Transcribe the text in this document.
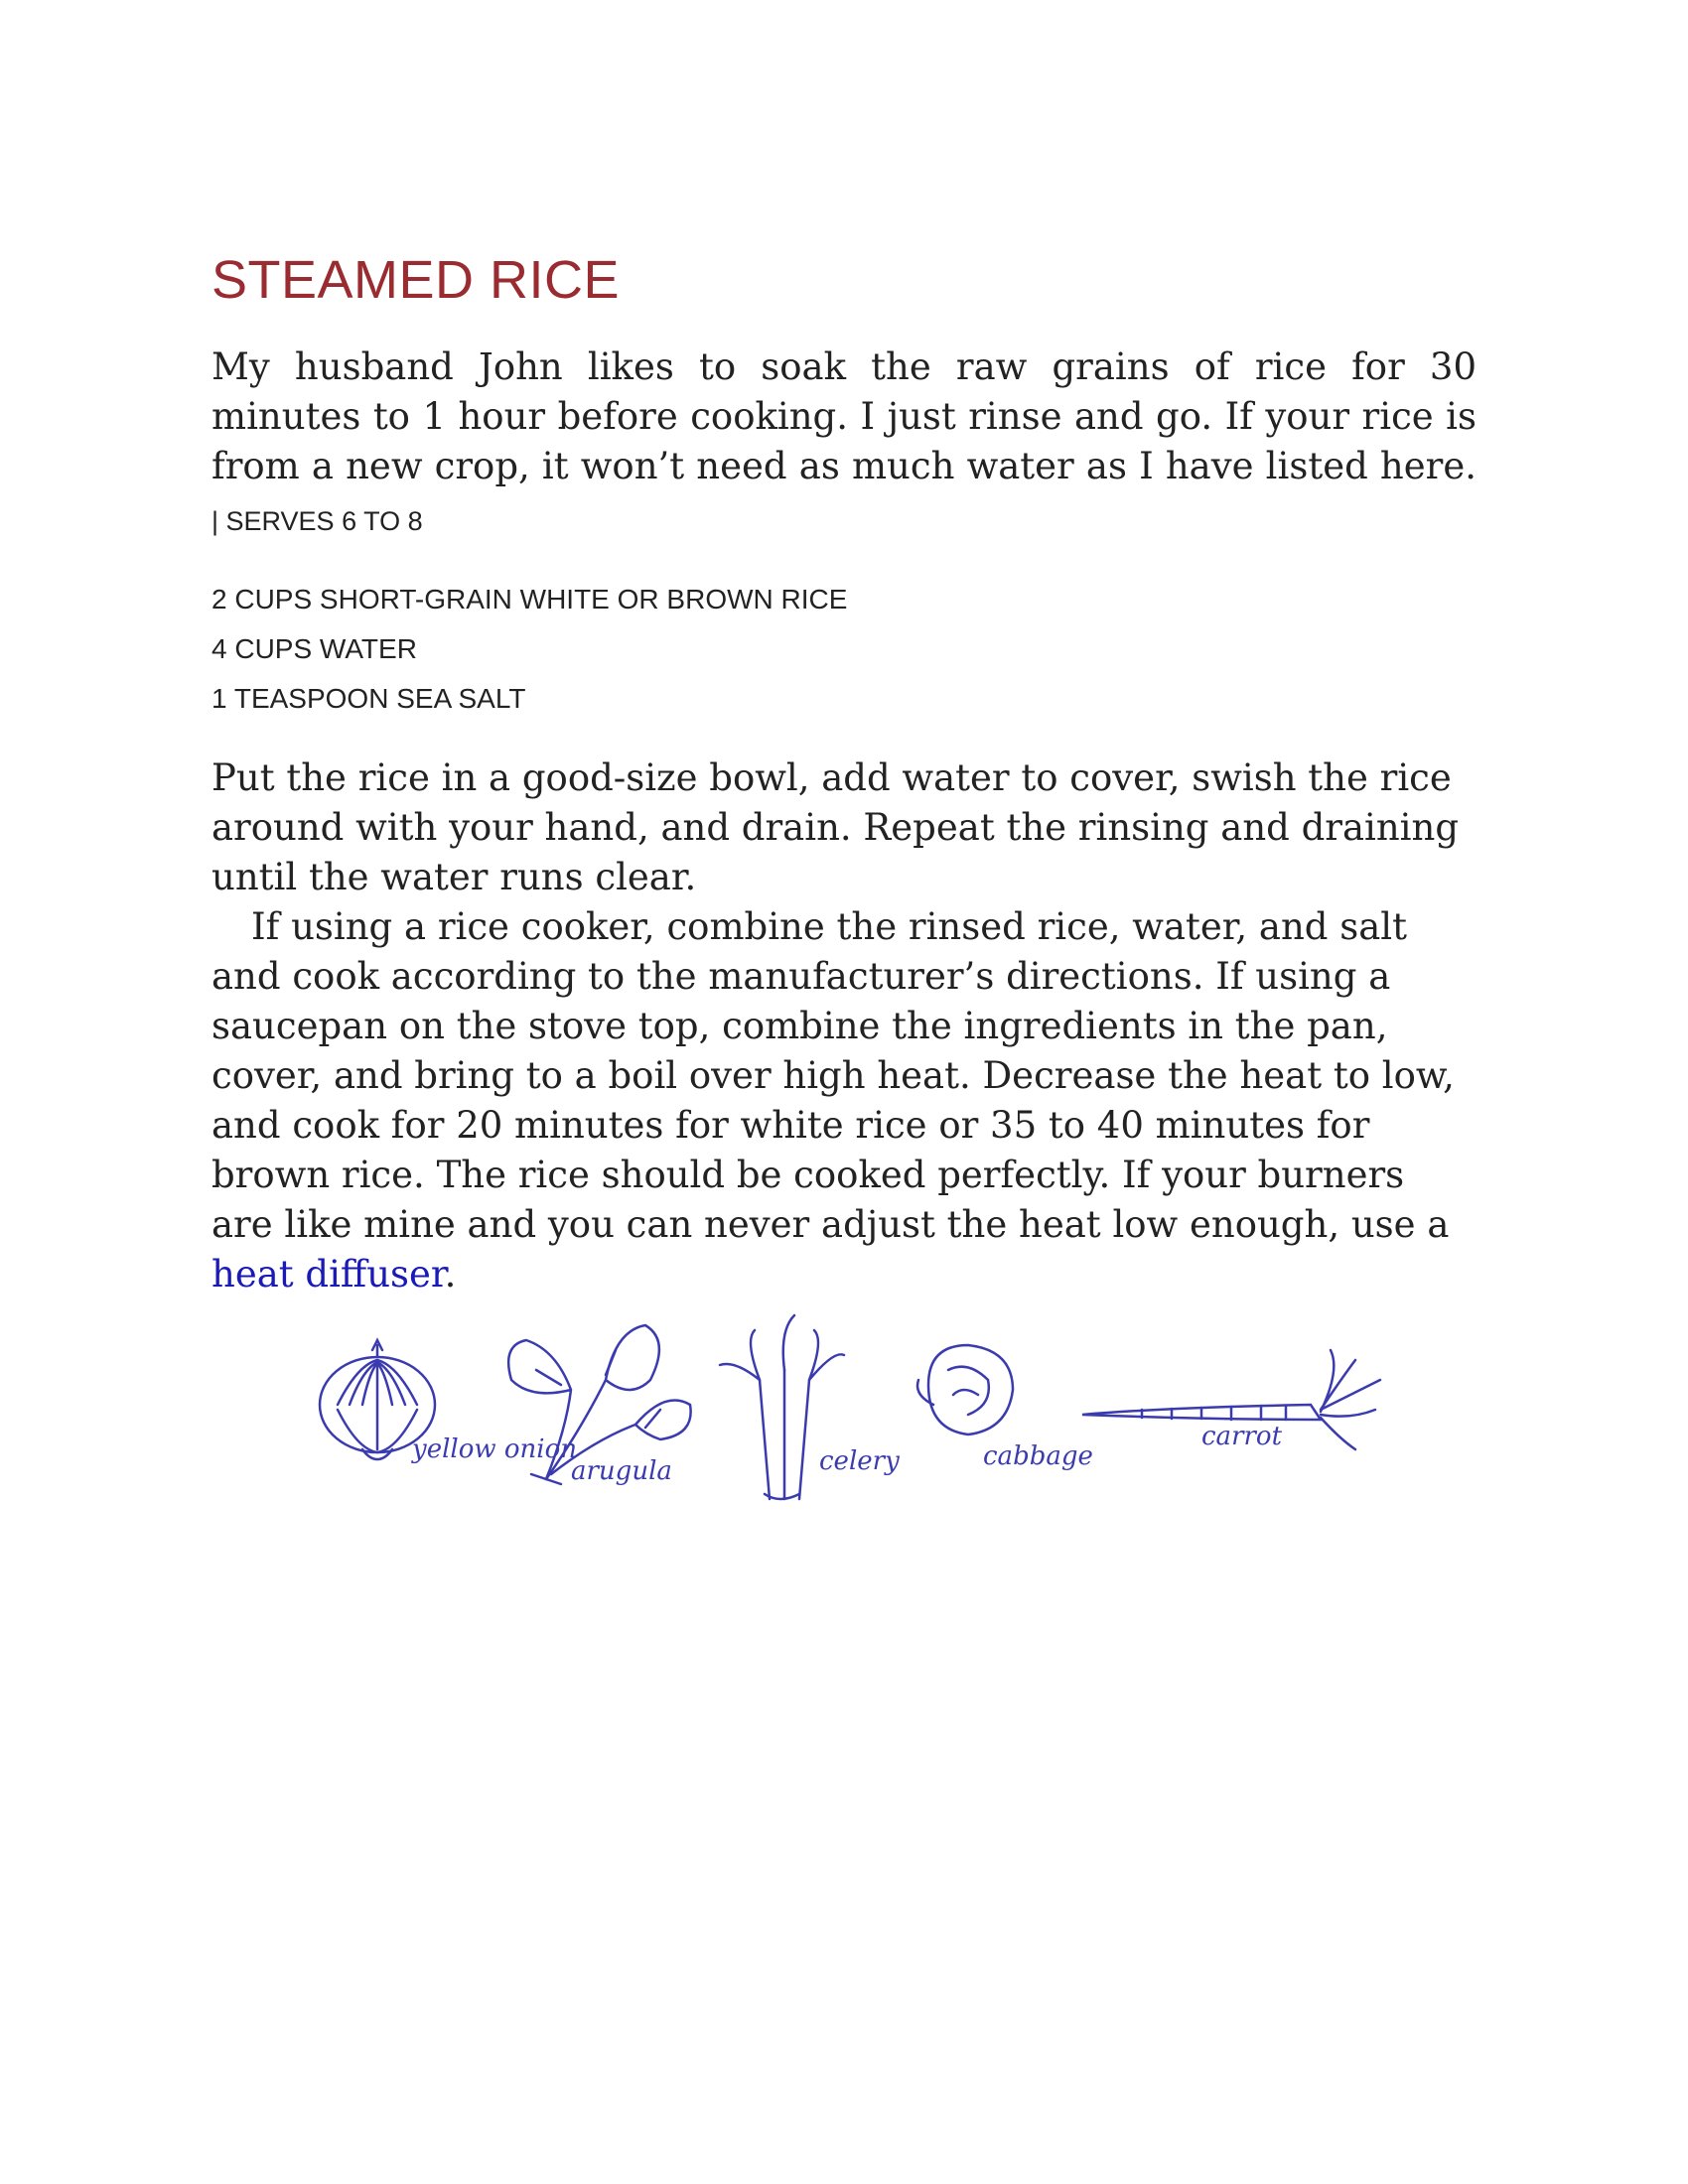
STEAMED RICE

My husband John likes to soak the raw grains of rice for 30 minutes to 1 hour before cooking. I just rinse and go. If your rice is from a new crop, it won’t need as much water as I have listed here. | SERVES 6 TO 8

2 CUPS SHORT-GRAIN WHITE OR BROWN RICE
4 CUPS WATER
1 TEASPOON SEA SALT

Put the rice in a good-size bowl, add water to cover, swish the rice around with your hand, and drain. Repeat the rinsing and draining until the water runs clear.

If using a rice cooker, combine the rinsed rice, water, and salt and cook according to the manufacturer’s directions. If using a saucepan on the stove top, combine the ingredients in the pan, cover, and bring to a boil over high heat. Decrease the heat to low, and cook for 20 minutes for white rice or 35 to 40 minutes for brown rice. The rice should be cooked perfectly. If your burners are like mine and you can never adjust the heat low enough, use a heat diffuser.

yellow onion
arugula	celery	cabbage
carrot
